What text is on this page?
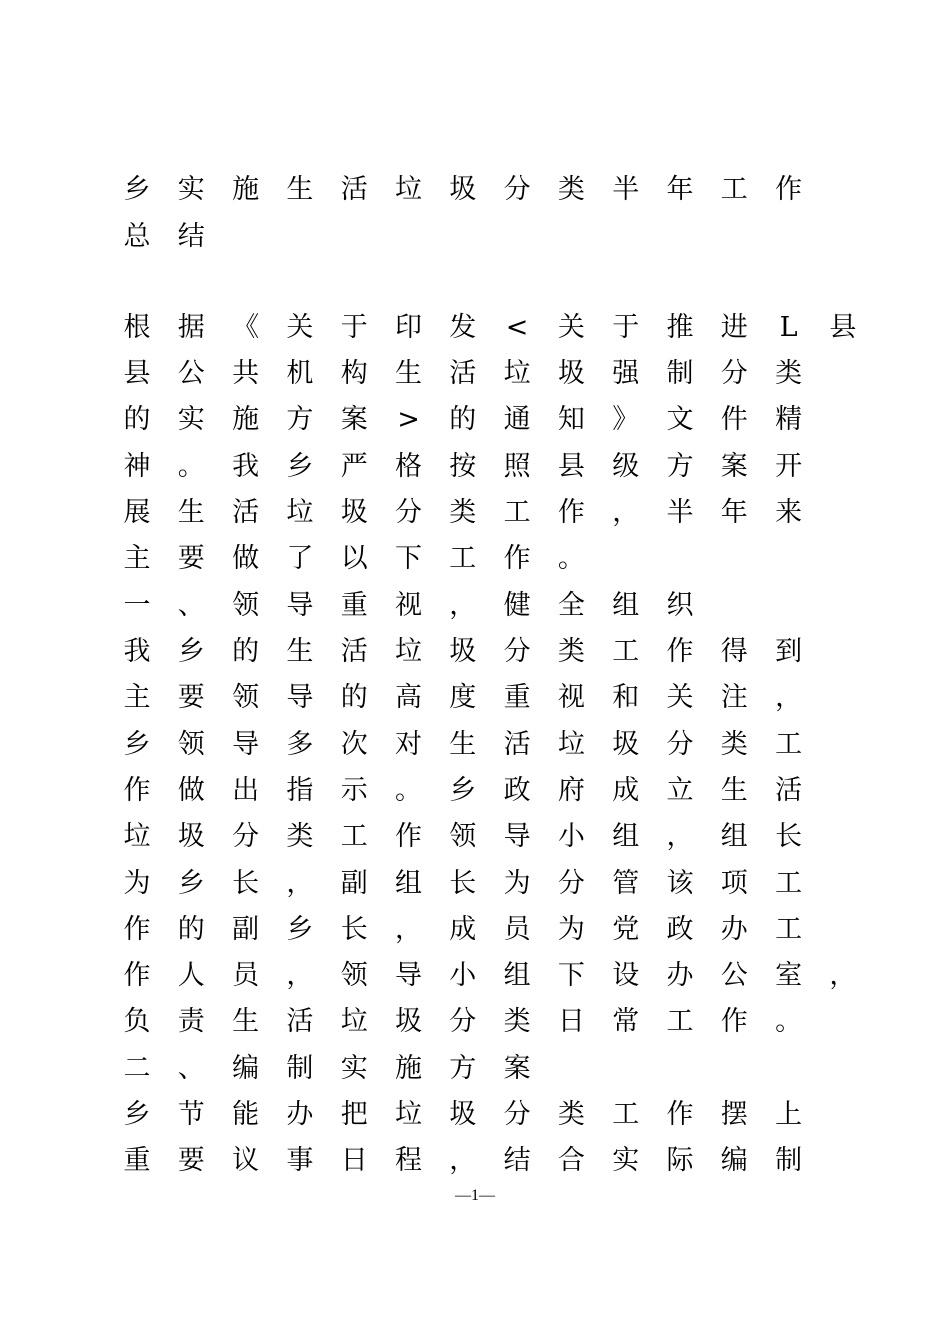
乡 实 施 生 活 垃 圾 分 类 半 年 工 作
总 结
根 据 《 关 于 印 发 < 关 于 推 进 L 县
县 公 共 机 构 生 活 垃 圾 强 制 分 类
的 实 施 方 案 > 的 通 知 》 文 件 精
神 。 我 乡 严 格 按 照 县 级 方 案 开
展 生 活 垃 圾 分 类 工 作 ， 半 年 来
主 要 做 了 以 下 工 作 。
一 、 领 导 重 视 ， 健 全 组 织
我 乡 的 生 活 垃 圾 分 类 工 作 得 到
主 要 领 导 的 高 度 重 视 和 关 注 ，
乡 领 导 多 次 对 生 活 垃 圾 分 类 工
作 做 出 指 示 。 乡 政 府 成 立 生 活
垃 圾 分 类 工 作 领 导 小 组 ， 组 长
为 乡 长 ， 副 组 长 为 分 管 该 项 工
作 的 副 乡 长 ， 成 员 为 党 政 办 工
作 人 员 ， 领 导 小 组 下 设 办 公 室 ，
负 责 生 活 垃 圾 分 类 日 常 工 作 。
二 、 编 制 实 施 方 案
乡 节 能 办 把 垃 圾 分 类 工 作 摆 上
重 要 议 事 日 程 ， 结 合 实 际 编 制
—1—
